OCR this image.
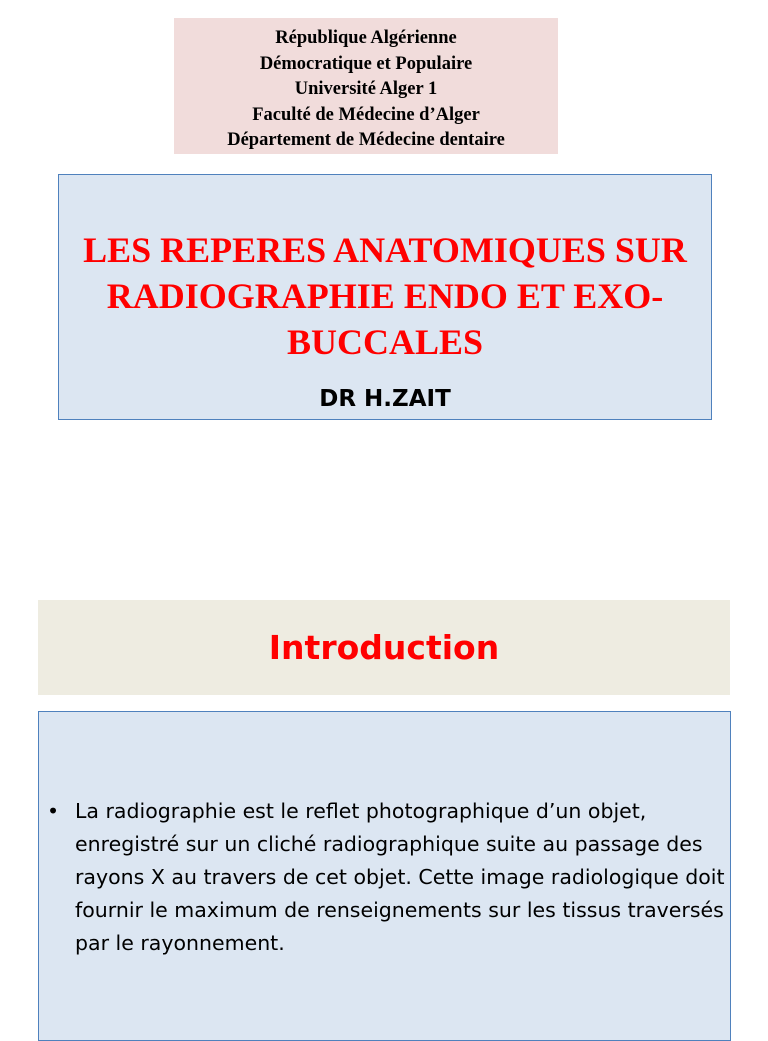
République Algérienne
Démocratique et Populaire
Université Alger 1
Faculté de Médecine d’Alger
Département de Médecine dentaire
LES REPERES ANATOMIQUES SUR RADIOGRAPHIE ENDO ET EXO-BUCCALES
DR H.ZAIT
Introduction
• La radiographie est le reflet photographique d’un objet, enregistré sur un cliché radiographique suite au passage des rayons X au travers de cet objet. Cette image radiologique doit fournir le maximum de renseignements sur les tissus traversés par le rayonnement.
